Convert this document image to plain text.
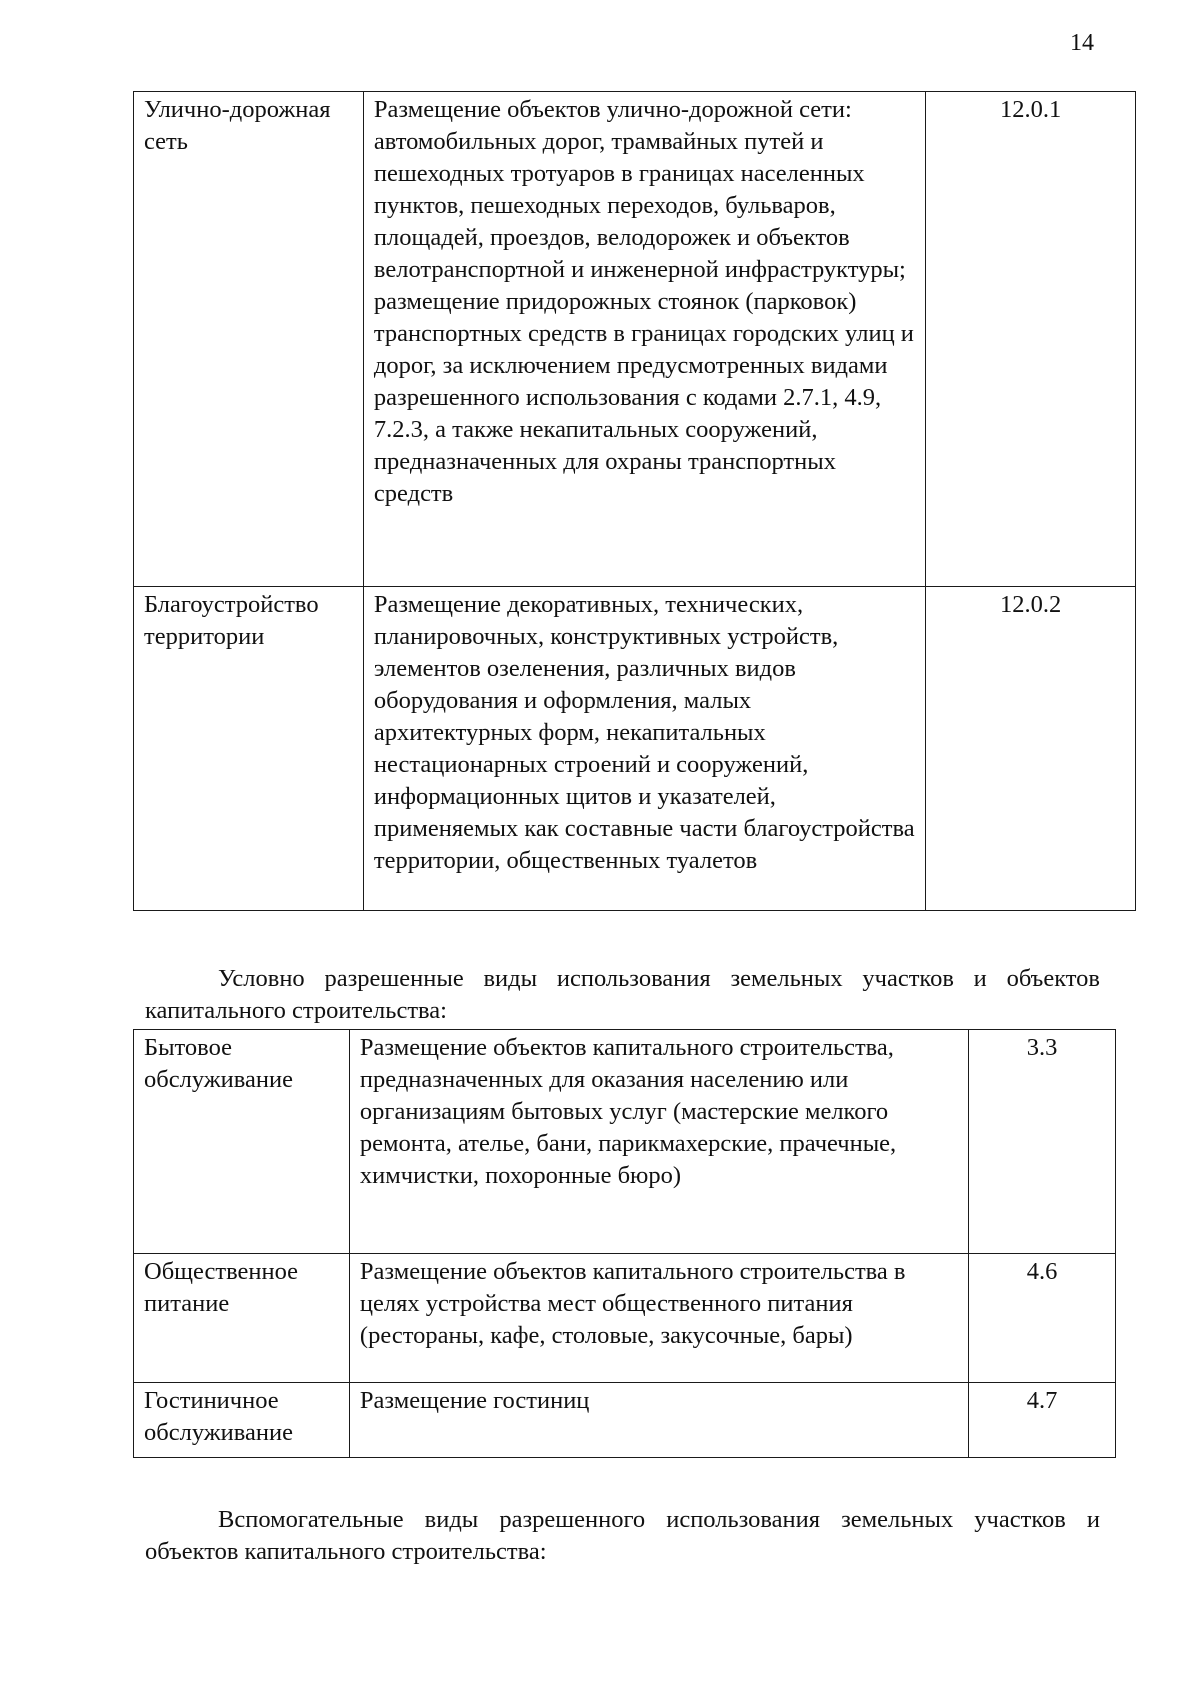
14
Улично-дорожная сеть	Размещение объектов улично-дорожной сети: автомобильных дорог, трамвайных путей и пешеходных тротуаров в границах населенных пунктов, пешеходных переходов, бульваров, площадей, проездов, велодорожек и объектов велотранспортной и инженерной инфраструктуры; размещение придорожных стоянок (парковок) транспортных средств в границах городских улиц и дорог, за исключением предусмотренных видами разрешенного использования с кодами 2.7.1, 4.9, 7.2.3, а также некапитальных сооружений, предназначенных для охраны транспортных средств	12.0.1
Благоустройство территории	Размещение декоративных, технических, планировочных, конструктивных устройств, элементов озеленения, различных видов оборудования и оформления, малых архитектурных форм, некапитальных нестационарных строений и сооружений, информационных щитов и указателей, применяемых как составные части благоустройства территории, общественных туалетов	12.0.2

Условно разрешенные виды использования земельных участков и объектов капитального строительства:

Бытовое обслуживание	Размещение объектов капитального строительства, предназначенных для оказания населению или организациям бытовых услуг (мастерские мелкого ремонта, ателье, бани, парикмахерские, прачечные, химчистки, похоронные бюро)	3.3
Общественное питание	Размещение объектов капитального строительства в целях устройства мест общественного питания (рестораны, кафе, столовые, закусочные, бары)	4.6
Гостиничное обслуживание	Размещение гостиниц	4.7

Вспомогательные виды разрешенного использования земельных участков и объектов капитального строительства:
